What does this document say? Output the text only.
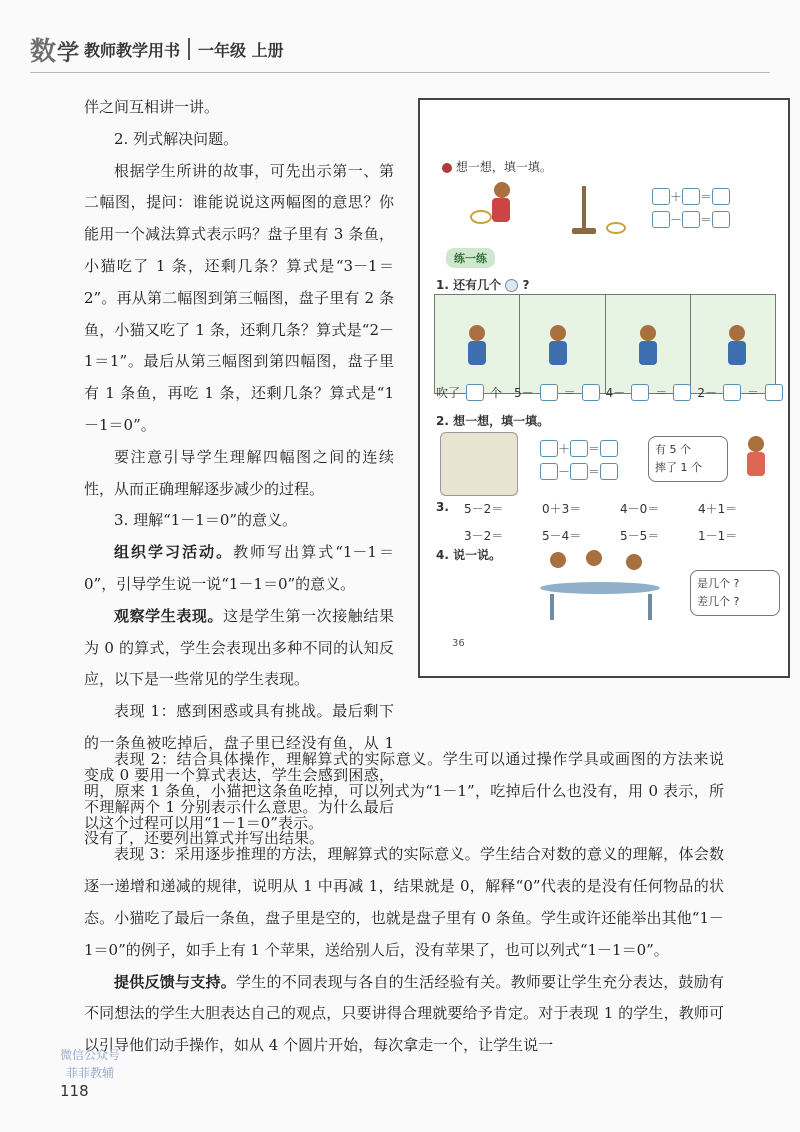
数学 教师教学用书 一年级 上册

伴之间互相讲一讲。

2. 列式解决问题。

根据学生所讲的故事，可先出示第一、第二幅图，提问：谁能说说这两幅图的意思？你能用一个减法算式表示吗？盘子里有 3 条鱼，小猫吃了 1 条，还剩几条？算式是“3－1＝2”。再从第二幅图到第三幅图，盘子里有 2 条鱼，小猫又吃了 1 条，还剩几条？算式是“2－1＝1”。最后从第三幅图到第四幅图，盘子里有 1 条鱼，再吃 1 条，还剩几条？算式是“1－1＝0”。

要注意引导学生理解四幅图之间的连续性，从而正确理解逐步减少的过程。

3. 理解“1－1＝0”的意义。

组织学习活动。教师写出算式“1－1＝0”，引导学生说一说“1－1＝0”的意义。

观察学生表现。这是学生第一次接触结果为 0 的算式，学生会表现出多种不同的认知反应，以下是一些常见的学生表现。

表现 1：感到困惑或具有挑战。最后剩下的一条鱼被吃掉后，盘子里已经没有鱼，从 1 变成 0 要用一个算式表达，学生会感到困惑，不理解两个 1 分别表示什么意思。为什么最后没有了，还要列出算式并写出结果。

表现 2：结合具体操作，理解算式的实际意义。学生可以通过操作学具或画图的方法来说明，原来 1 条鱼，小猫把这条鱼吃掉，可以列式为“1－1”，吃掉后什么也没有，用 0 表示，所以这个过程可以用“1－1＝0”表示。

表现 3：采用逐步推理的方法，理解算式的实际意义。学生结合对数的意义的理解，体会数逐一递增和递减的规律，说明从 1 中再减 1，结果就是 0，解释“0”代表的是没有任何物品的状态。小猫吃了最后一条鱼，盘子里是空的，也就是盘子里有 0 条鱼。学生或许还能举出其他“1－1＝0”的例子，如手上有 1 个苹果，送给别人后，没有苹果了，也可以列式“1－1＝0”。

提供反馈与支持。学生的不同表现与各自的生活经验有关。教师要让学生充分表达，鼓励有不同想法的学生大胆表达自己的观点，只要讲得合理就要给予肯定。对于表现 1 的学生，教师可以引导他们动手操作，如从 4 个圆片开始，每次拿走一个，让学生说一

想一想，填一填。
＋ ＝
－ ＝
练一练
1. 还有几个  ?
吹了	个 5－	＝ 4－	＝ 2－	＝
2. 想一想，填一填。
＋ ＝
－ ＝
有 5 个
摔了 1 个
3.	5－2＝	0＋3＝	4－0＝	4＋1＝
3－2＝	5－4＝	5－5＝	1－1＝
4. 说一说。
是几个 ?
差几个 ?
36
微信公众号
菲菲教辅
118
